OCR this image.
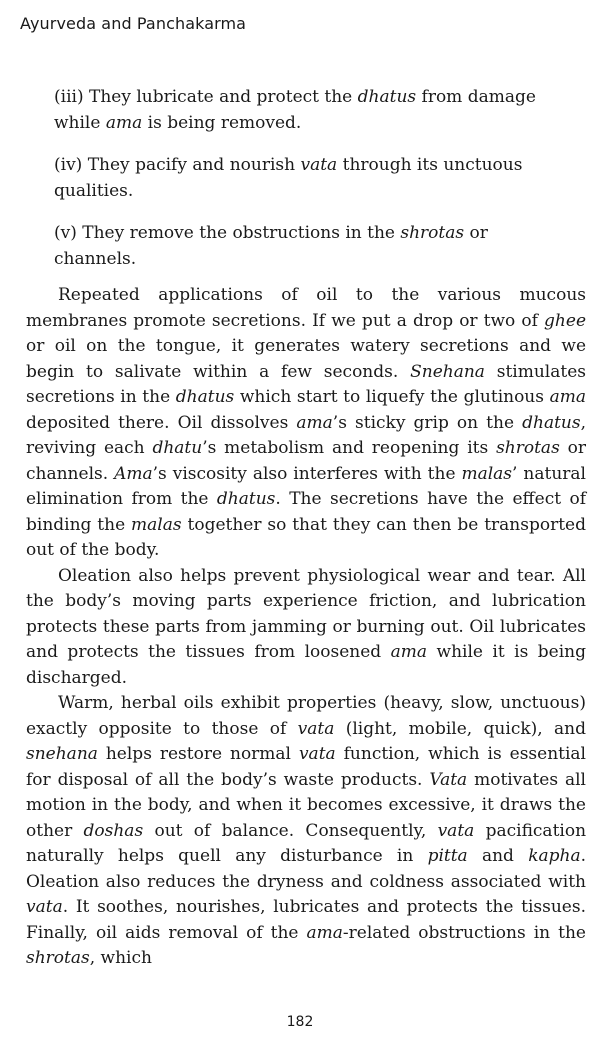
Ayurveda and Panchakarma

(iii) They lubricate and protect the dhatus from damage while ama is being removed.

(iv) They pacify and nourish vata through its unctuous qualities.

(v) They remove the obstructions in the shrotas or channels.

Repeated applications of oil to the various mucous membranes promote secretions. If we put a drop or two of ghee or oil on the tongue, it generates watery secretions and we begin to salivate within a few seconds. Snehana stimulates secretions in the dhatus which start to liquefy the glutinous ama deposited there. Oil dissolves ama’s sticky grip on the dhatus, reviving each dhatu’s metabolism and reopening its shrotas or channels. Ama’s viscosity also interferes with the malas’ natural elimination from the dhatus. The secretions have the effect of binding the malas together so that they can then be transported out of the body.

Oleation also helps prevent physiological wear and tear. All the body’s moving parts experience friction, and lubrication protects these parts from jamming or burning out. Oil lubricates and protects the tissues from loosened ama while it is being discharged.

Warm, herbal oils exhibit properties (heavy, slow, unctuous) exactly opposite to those of vata (light, mobile, quick), and snehana helps restore normal vata function, which is essential for disposal of all the body’s waste products. Vata motivates all motion in the body, and when it becomes excessive, it draws the other doshas out of balance. Consequently, vata pacification naturally helps quell any disturbance in pitta and kapha. Oleation also reduces the dryness and coldness associated with vata. It soothes, nourishes, lubricates and protects the tissues. Finally, oil aids removal of the ama-related obstructions in the shrotas, which

182
